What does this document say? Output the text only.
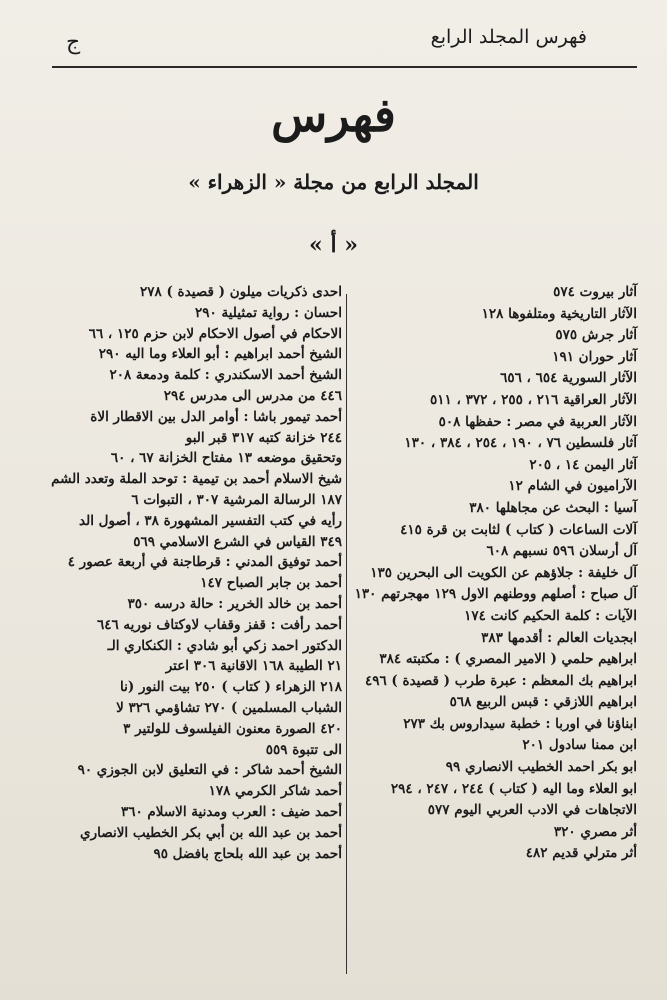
فهرس المجلد الرابع
ج
فهرس
المجلد الرابع من مجلة « الزهراء »
« أ »
آثار بيروت ٥٧٤
الآثار التاريخية ومتلفوها ١٢٨
آثار جرش ٥٧٥
آثار حوران ١٩١
الآثار السورية ٦٥٤ ، ٦٥٦
الآثار العراقية ٢١٦ ، ٢٥٥ ، ٣٧٢ ، ٥١١
الآثار العربية في مصر : حفظها ٥٠٨
آثار فلسطين ٧٦ ، ١٩٠ ، ٢٥٤ ، ٣٨٤ ، ١٣٠
آثار اليمن ١٤ ، ٢٠٥
الآراميون في الشام ١٢
آسيا : البحث عن مجاهلها ٣٨٠
آلات الساعات ( كتاب ) لثابت بن قرة ٤١٥
آل أرسلان ٥٩٦ نسبهم ٦٠٨
آل خليفة : جلاؤهم عن الكويت الى البحرين ١٣٥
آل صباح : أصلهم ووطنهم الاول ١٢٩ مهجرتهم ١٣٠
الآيات : كلمة الحكيم كانت ١٧٤
ابجديات العالم : أقدمها ٣٨٣
ابراهيم حلمي ( الامير المصري ) : مكتبته ٣٨٤
ابراهيم بك المعظم : عبرة طرب ( قصيدة ) ٤٩٦
ابراهيم اللازقي : قبس الربيع ٥٦٨
ابناؤنا في اوربا : خطبة سيداروس بك ٢٧٣
ابن ممنا سادول ٢٠١
ابو بكر احمد الخطيب الانصاري ٩٩
ابو العلاء وما اليه ( كتاب ) ٢٤٤ ، ٢٤٧ ، ٢٩٤
الاتجاهات في الادب العربي اليوم ٥٧٧
أثر مصري ٣٢٠
أثر مترلي قديم ٤٨٢
احدى ذكريات ميلون ( قصيدة ) ٢٧٨
احسان : رواية تمثيلية ٢٩٠
الاحكام في أصول الاحكام لابن حزم ١٢٥ ، ٦٦
الشيخ أحمد ابراهيم : أبو العلاء وما اليه ٢٩٠
الشيخ أحمد الاسكندري : كلمة ودمعة ٢٠٨
٤٤٦ من مدرس الى مدرس ٢٩٤
أحمد تيمور باشا : أوامر الدل بين الاقطار الاة
٢٤٤ خزانة كتبه ٣١٧ قبر البو
وتحقيق موضعه ١٣ مفتاح الخزانة ٦٧ ، ٦٠
شيخ الاسلام أحمد بن تيمية : توحد الملة وتعدد الشم
١٨٧ الرسالة المرشية ٣٠٧ ، التبوات ٦
رأيه في كتب التفسير المشهورة ٣٨ ، أصول الد
٣٤٩ القياس في الشرع الاسلامي ٥٦٩
أحمد توفيق المدني : قرطاجنة في أربعة عصور ٤
أحمد بن جابر الصباح ١٤٧
أحمد بن خالد الخرير : حالة درسه ٣٥٠
أحمد رأفت : قفز وقفاب لاوكتاف نوريه ٦٤٦
الدكتور احمد زكي أبو شادي : الكنكاري الـ
٢١ الطيبة ١٦٨ الاقانية ٣٠٦ اعتر
٢١٨ الزهراء ( كتاب ) ٢٥٠ بيت النور (نا
الشباب المسلمين ) ٢٧٠ تشاؤمي ٣٢٦ لا
٤٢٠ الصورة معنون الفيلسوف للولتير ٣
الى تتبوة ٥٥٩
الشيخ أحمد شاكر : في التعليق لابن الجوزي ٩٠
أحمد شاكر الكرمي ١٧٨
أحمد ضيف : العرب ومدنية الاسلام ٣٦٠
أحمد بن عبد الله بن أبي بكر الخطيب الانصاري
أحمد بن عبد الله بلحاج بافضل ٩٥
